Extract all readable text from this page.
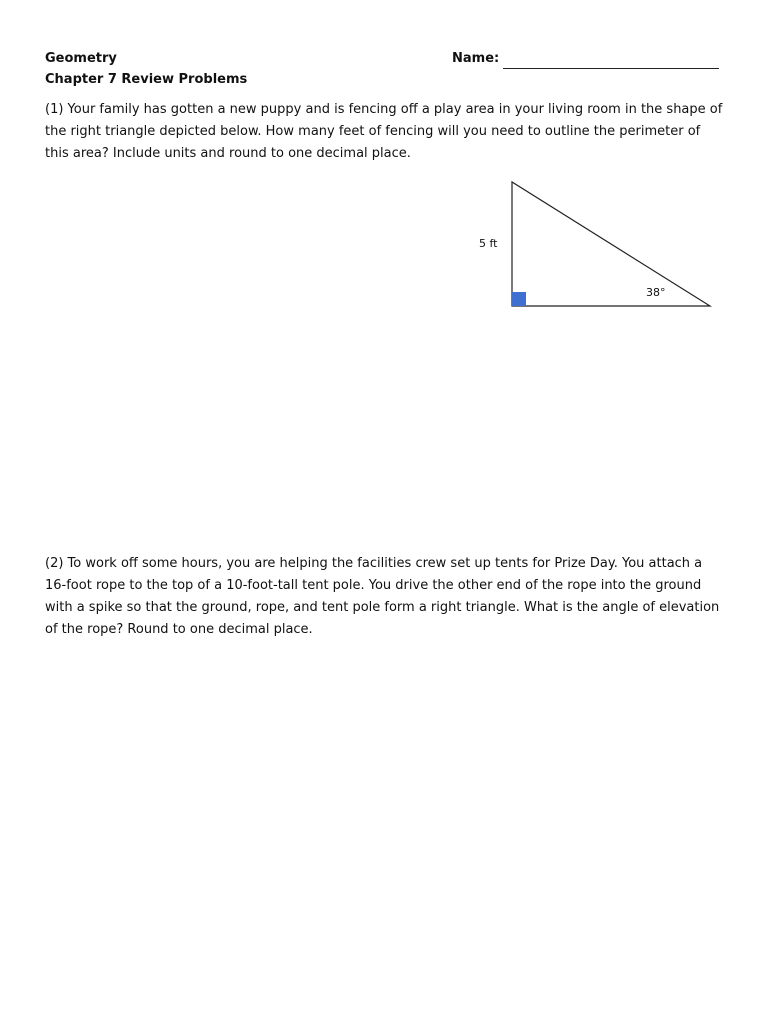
Geometry
Chapter 7 Review Problems
Name:
(1) Your family has gotten a new puppy and is fencing off a play area in your living room in the shape of the right triangle depicted below. How many feet of fencing will you need to outline the perimeter of this area? Include units and round to one decimal place.
5 ft
38°
(2) To work off some hours, you are helping the facilities crew set up tents for Prize Day. You attach a 16-foot rope to the top of a 10-foot-tall tent pole. You drive the other end of the rope into the ground with a spike so that the ground, rope, and tent pole form a right triangle. What is the angle of elevation of the rope? Round to one decimal place.
